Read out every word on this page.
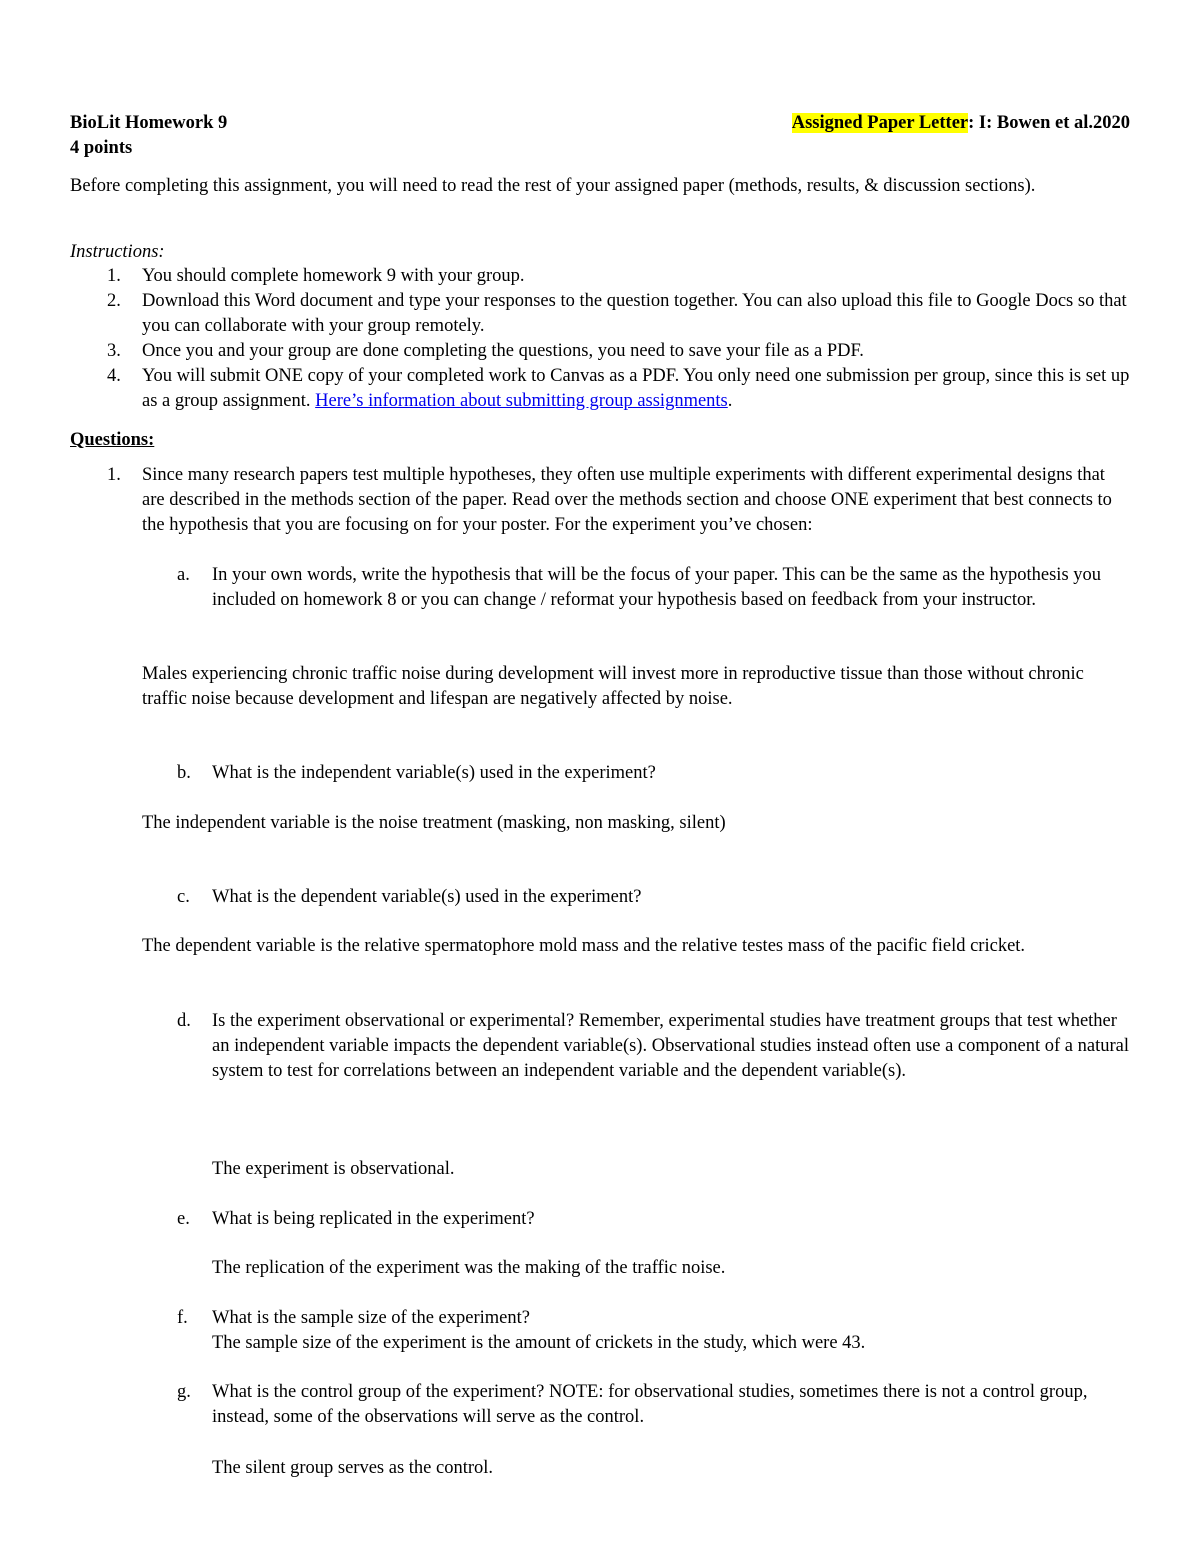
BioLit Homework 9	Assigned Paper Letter: I: Bowen et al.2020
4 points
Before completing this assignment, you will need to read the rest of your assigned paper (methods, results, & discussion sections).
Instructions:
1. You should complete homework 9 with your group.
2. Download this Word document and type your responses to the question together. You can also upload this file to Google Docs so that you can collaborate with your group remotely.
3. Once you and your group are done completing the questions, you need to save your file as a PDF.
4. You will submit ONE copy of your completed work to Canvas as a PDF. You only need one submission per group, since this is set up as a group assignment. Here’s information about submitting group assignments.
Questions:
1. Since many research papers test multiple hypotheses, they often use multiple experiments with different experimental designs that are described in the methods section of the paper. Read over the methods section and choose ONE experiment that best connects to the hypothesis that you are focusing on for your poster. For the experiment you’ve chosen:
a. In your own words, write the hypothesis that will be the focus of your paper. This can be the same as the hypothesis you included on homework 8 or you can change / reformat your hypothesis based on feedback from your instructor.
Males experiencing chronic traffic noise during development will invest more in reproductive tissue than those without chronic traffic noise because development and lifespan are negatively affected by noise.
b. What is the independent variable(s) used in the experiment?
The independent variable is the noise treatment (masking, non masking, silent)
c. What is the dependent variable(s) used in the experiment?
The dependent variable is the relative spermatophore mold mass and the relative testes mass of the pacific field cricket.
d. Is the experiment observational or experimental? Remember, experimental studies have treatment groups that test whether an independent variable impacts the dependent variable(s). Observational studies instead often use a component of a natural system to test for correlations between an independent variable and the dependent variable(s).
The experiment is observational.
e. What is being replicated in the experiment?
The replication of the experiment was the making of the traffic noise.
f. What is the sample size of the experiment?
The sample size of the experiment is the amount of crickets in the study, which were 43.
g. What is the control group of the experiment? NOTE: for observational studies, sometimes there is not a control group, instead, some of the observations will serve as the control.
The silent group serves as the control.
